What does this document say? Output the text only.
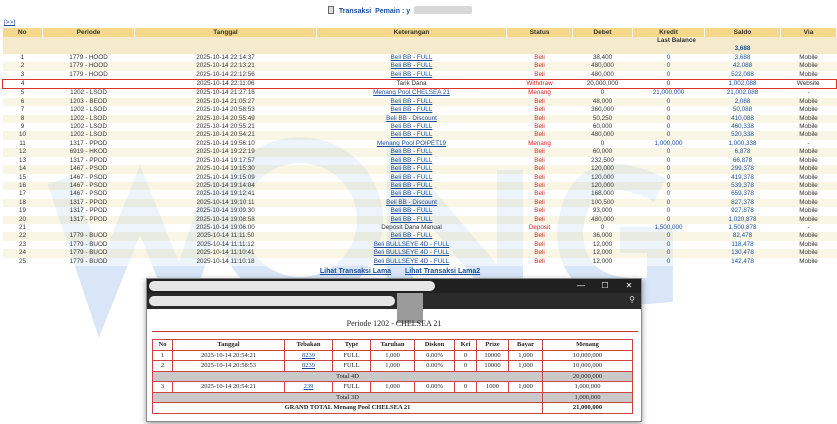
Transaksi Pemain : y
[>>]
No	Periode	Tanggal	Keterangan	Status	Debet	Kredit	Saldo	Via
					Last Balance			
							3,688	
1	1779 - HOOD	2025-10-14 22:14:37	Beli BB - FULL	Beli	38,400	0	3,688	Mobile
2	1779 - HOOD	2025-10-14 22:13:21	Beli BB - FULL	Beli	480,000	0	42,088	Mobile
3	1779 - HOOD	2025-10-14 22:12:56	Beli BB - FULL	Beli	480,000	0	522,088	Mobile
4		2025-10-14 22:11:06	Tarik Dana	Withdraw	20,000,000	0	1,002,088	Website
5	1202 - LSOD	2025-10-14 21:27:18	Menang Pool CHELSEA 21	Menang	0	21,000,000	21,002,088	-
6	1203 - BEOD	2025-10-14 21:05:27	Beli BB - FULL	Beli	48,000	0	2,088	Mobile
7	1202 - LSOD	2025-10-14 20:58:53	Beli BB - FULL	Beli	360,000	0	50,088	Mobile
8	1202 - LSOD	2025-10-14 20:55:49	Beli BB - Discount	Beli	50,250	0	410,088	Mobile
9	1202 - LSOD	2025-10-14 20:55:21	Beli BB - FULL	Beli	60,000	0	460,338	Mobile
10	1202 - LSOD	2025-10-14 20:54:21	Beli BB - FULL	Beli	480,000	0	520,338	Mobile
11	1317 - PPOD	2025-10-14 19:56:10	Menang Pool POIPET19	Menang	0	1,000,000	1,000,338	-
12	6919 - HKOD	2025-10-14 19:22:19	Beli BB - FULL	Beli	60,000	0	6,878	Mobile
13	1317 - PPOD	2025-10-14 19:17:57	Beli BB - FULL	Beli	232,500	0	66,878	Mobile
14	1467 - PSOD	2025-10-14 19:15:30	Beli BB - FULL	Beli	120,000	0	299,378	Mobile
15	1467 - PSOD	2025-10-14 19:15:09	Beli BB - FULL	Beli	120,000	0	419,378	Mobile
16	1467 - PSOD	2025-10-14 19:14:04	Beli BB - FULL	Beli	120,000	0	539,378	Mobile
17	1467 - PSOD	2025-10-14 19:12:41	Beli BB - FULL	Beli	168,000	0	659,378	Mobile
18	1317 - PPOD	2025-10-14 19:10:11	Beli BB - Discount	Beli	100,500	0	827,378	Mobile
19	1317 - PPOD	2025-10-14 19:09:30	Beli BB - FULL	Beli	93,000	0	927,878	Mobile
20	1317 - PPOD	2025-10-14 19:08:58	Beli BB - FULL	Beli	480,000	0	1,020,878	Mobile
21		2025-10-14 19:06:00	Deposit Dana Manual	Deposit	0	1,500,000	1,500,878	-
22	1779 - BUOD	2025-10-14 11:11:50	Beli BB - FULL	Beli	36,000	0	82,478	Mobile
23	1779 - BUOD	2025-10-14 11:11:12	Beli BULLSEYE 4D - FULL	Beli	12,000	0	118,478	Mobile
24	1779 - BUOD	2025-10-14 11:10:41	Beli BULLSEYE 4D - FULL	Beli	12,000	0	130,478	Mobile
25	1779 - BUOD	2025-10-14 11:10:18	Beli BULLSEYE 4D - FULL	Beli	12,000	0	142,478	Mobile
Lihat Transaksi Lama Lihat Transaksi Lama2
—	☐	✕
⚲
Periode 1202 - CHELSEA 21
No	Tanggal	Tebakan	Type	Taruhan	Diskon	Kei	Prize	Bayar	Menang
1	2025-10-14 20:54:21	8239	FULL	1,000	0.00%	0	10000	1,000	10,000,000
2	2025-10-14 20:58:53	8239	FULL	1,000	0.00%	0	10000	1,000	10,000,000
Total 4D									20,000,000
3	2025-10-14 20:54:21	239	FULL	1,000	0.00%	0	1000	1,000	1,000,000
Total 3D									1,000,000
GRAND TOTAL Menang Pool CHELSEA 21									21,000,000
